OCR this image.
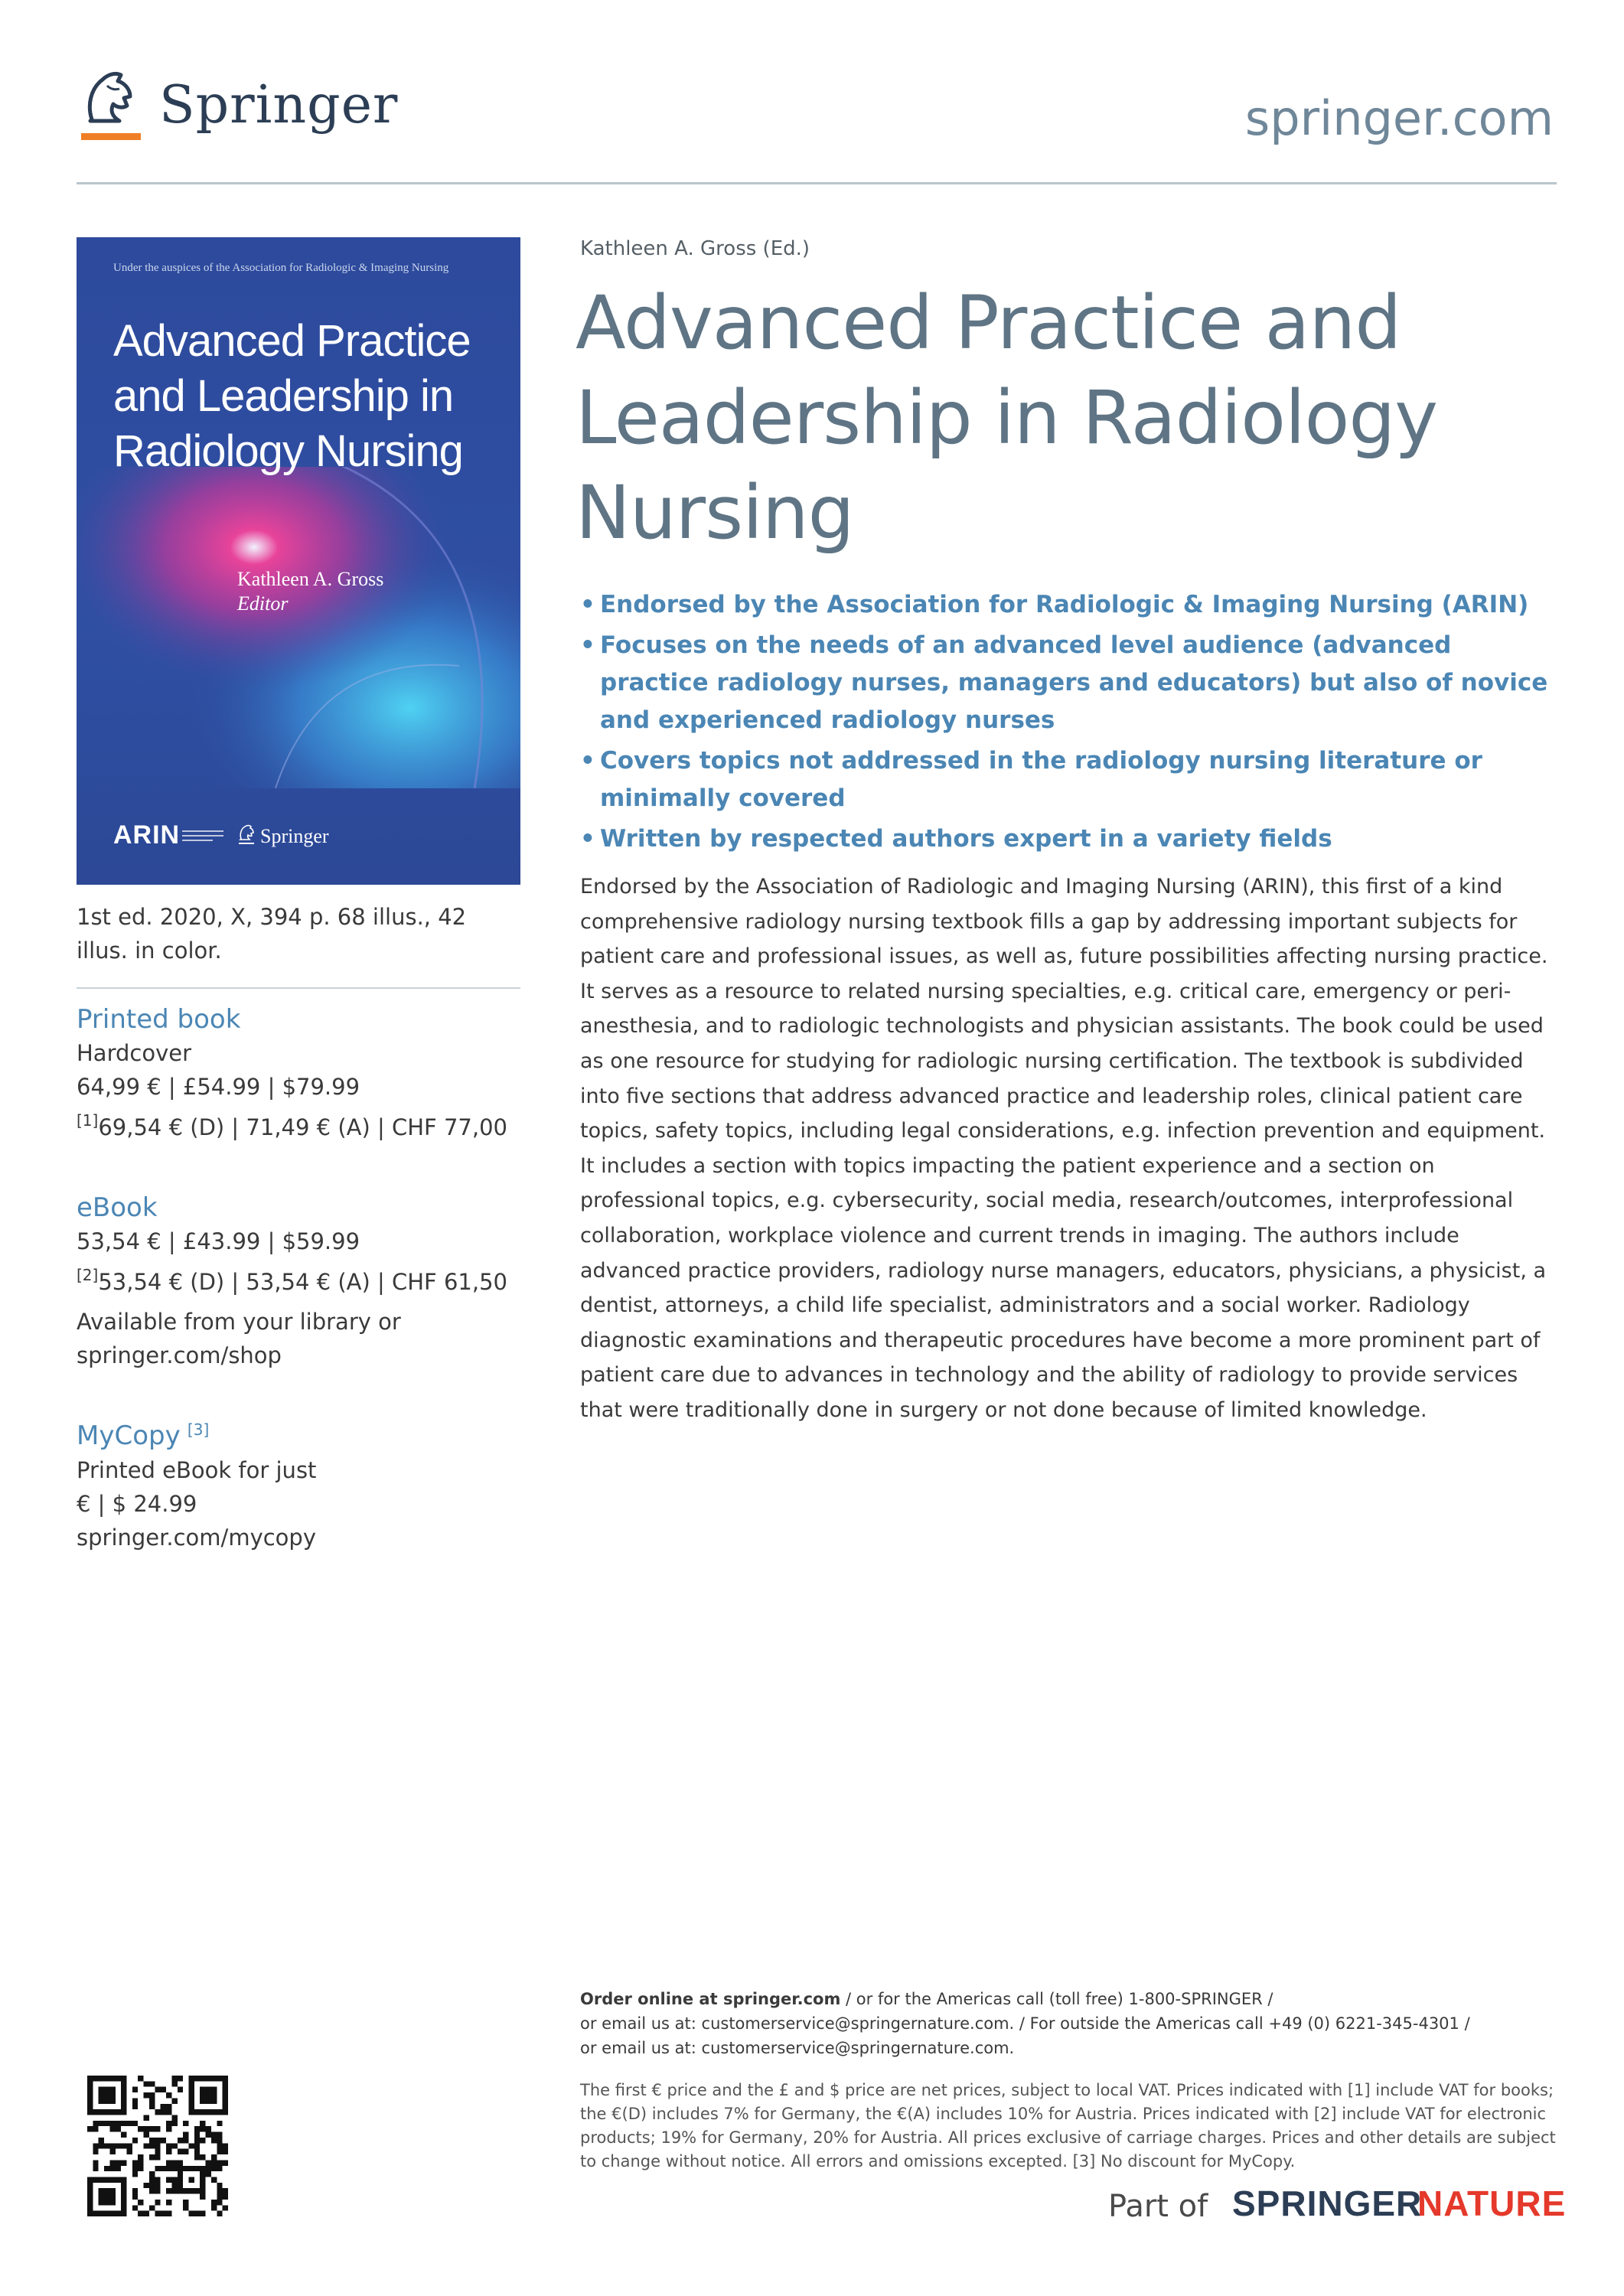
Springer	springer.com
Under the auspices of the Association for Radiologic & Imaging Nursing
Advanced Practice and Leadership in Radiology Nursing
Kathleen A. Gross
Editor
ARIN	Springer
1st ed. 2020, X, 394 p. 68 illus., 42 illus. in color.
Printed book
Hardcover
64,99 € | £54.99 | $79.99
[1]69,54 € (D) | 71,49 € (A) | CHF 77,00
eBook
53,54 € | £43.99 | $59.99
[2]53,54 € (D) | 53,54 € (A) | CHF 61,50
Available from your library or springer.com/shop
MyCopy [3]
Printed eBook for just
€ | $ 24.99
springer.com/mycopy
Kathleen A. Gross (Ed.)
Advanced Practice and Leadership in Radiology Nursing
• Endorsed by the Association for Radiologic & Imaging Nursing (ARIN)
• Focuses on the needs of an advanced level audience (advanced practice radiology nurses, managers and educators) but also of novice and experienced radiology nurses
• Covers topics not addressed in the radiology nursing literature or minimally covered
• Written by respected authors expert in a variety fields

Endorsed by the Association of Radiologic and Imaging Nursing (ARIN), this first of a kind comprehensive radiology nursing textbook fills a gap by addressing important subjects for patient care and professional issues, as well as, future possibilities affecting nursing practice. It serves as a resource to related nursing specialties, e.g. critical care, emergency or peri-anesthesia, and to radiologic technologists and physician assistants. The book could be used as one resource for studying for radiologic nursing certification. The textbook is subdivided into five sections that address advanced practice and leadership roles, clinical patient care topics, safety topics, including legal considerations, e.g. infection prevention and equipment. It includes a section with topics impacting the patient experience and a section on professional topics, e.g. cybersecurity, social media, research/outcomes, interprofessional collaboration, workplace violence and current trends in imaging. The authors include advanced practice providers, radiology nurse managers, educators, physicians, a physicist, a dentist, attorneys, a child life specialist, administrators and a social worker. Radiology diagnostic examinations and therapeutic procedures have become a more prominent part of patient care due to advances in technology and the ability of radiology to provide services that were traditionally done in surgery or not done because of limited knowledge.

Order online at springer.com / or for the Americas call (toll free) 1-800-SPRINGER /
or email us at: customerservice@springernature.com. / For outside the Americas call +49 (0) 6221-345-4301 /
or email us at: customerservice@springernature.com.

The first € price and the £ and $ price are net prices, subject to local VAT. Prices indicated with [1] include VAT for books; the €(D) includes 7% for Germany, the €(A) includes 10% for Austria. Prices indicated with [2] include VAT for electronic products; 19% for Germany, 20% for Austria. All prices exclusive of carriage charges. Prices and other details are subject to change without notice. All errors and omissions excepted. [3] No discount for MyCopy.

Part of SPRINGER
NATURE
